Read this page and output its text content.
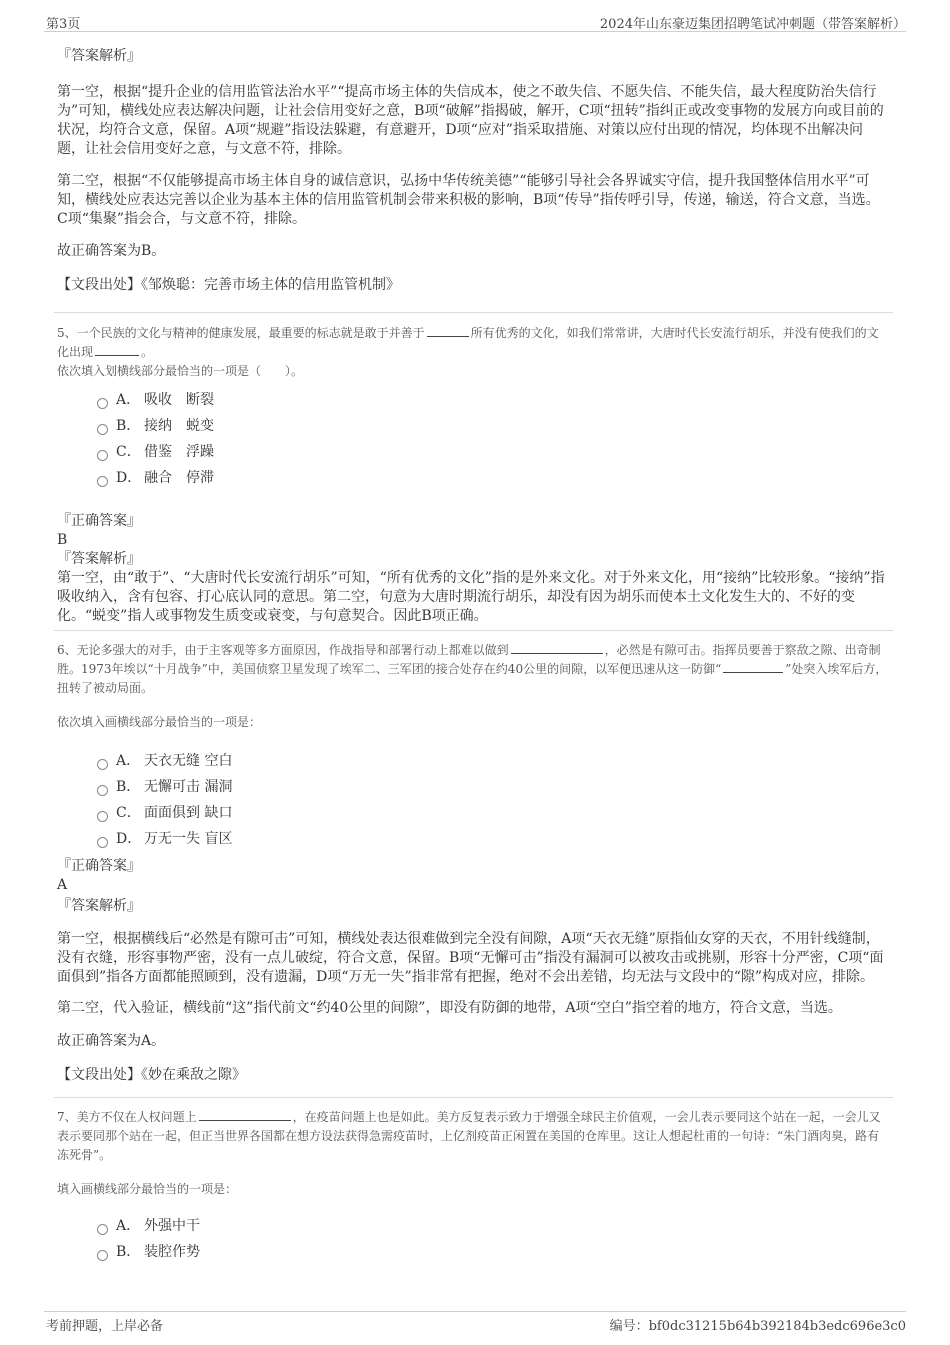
第3页	2024年山东豪迈集团招聘笔试冲刺题（带答案解析）

『答案解析』

第一空，根据“提升企业的信用监管法治水平”“提高市场主体的失信成本，使之不敢失信、不愿失信、不能失信，最大程度防治失信行为”可知，横线处应表达解决问题，让社会信用变好之意，B项“破解”指揭破，解开，C项“扭转”指纠正或改变事物的发展方向或目前的状况，均符合文意，保留。A项“规避”指设法躲避，有意避开，D项“应对”指采取措施、对策以应付出现的情况，均体现不出解决问题，让社会信用变好之意，与文意不符，排除。

第二空，根据“不仅能够提高市场主体自身的诚信意识，弘扬中华传统美德”“能够引导社会各界诚实守信，提升我国整体信用水平”可知，横线处应表达完善以企业为基本主体的信用监管机制会带来积极的影响，B项“传导”指传呼引导，传递，输送，符合文意，当选。C项“集聚”指会合，与文意不符，排除。

故正确答案为B。

【文段出处】《邹焕聪：完善市场主体的信用监管机制》

5、一个民族的文化与精神的健康发展，最重要的标志就是敢于并善于	所有优秀的文化，如我们常常讲，大唐时代长安流行胡乐，并没有使我们的文化出现	。

依次填入划横线部分最恰当的一项是（　　）。

A． 吸收　断裂
B． 接纳　蜕变
C． 借鉴　浮躁
D． 融合　停滞

『正确答案』

B

『答案解析』

第一空，由“敢于”、“大唐时代长安流行胡乐”可知，“所有优秀的文化”指的是外来文化。对于外来文化，用“接纳”比较形象。“接纳”指吸收纳入，含有包容、打心底认同的意思。第二空，句意为大唐时期流行胡乐，却没有因为胡乐而使本土文化发生大的、不好的变化。“蜕变”指人或事物发生质变或衰变，与句意契合。因此B项正确。

6、无论多强大的对手，由于主客观等多方面原因，作战指导和部署行动上都难以做到	，必然是有隙可击。指挥员要善于察敌之隙、出奇制胜。1973年埃以“十月战争”中，美国侦察卫星发现了埃军二、三军团的接合处存在约40公里的间隙，以军便迅速从这一防御“	”处突入埃军后方，扭转了被动局面。

依次填入画横线部分最恰当的一项是：

A． 天衣无缝 空白
B． 无懈可击 漏洞
C． 面面俱到 缺口
D． 万无一失 盲区

『正确答案』

A

『答案解析』

第一空，根据横线后“必然是有隙可击”可知，横线处表达很难做到完全没有间隙，A项“天衣无缝”原指仙女穿的天衣，不用针线缝制，没有衣缝，形容事物严密，没有一点儿破绽，符合文意，保留。B项“无懈可击”指没有漏洞可以被攻击或挑剔，形容十分严密，C项“面面俱到”指各方面都能照顾到，没有遗漏，D项“万无一失”指非常有把握，绝对不会出差错，均无法与文段中的“隙”构成对应，排除。

第二空，代入验证，横线前“这”指代前文“约40公里的间隙”，即没有防御的地带，A项“空白”指空着的地方，符合文意，当选。

故正确答案为A。

【文段出处】《妙在乘敌之隙》

7、美方不仅在人权问题上	，在疫苗问题上也是如此。美方反复表示致力于增强全球民主价值观，一会儿表示要同这个站在一起，一会儿又表示要同那个站在一起，但正当世界各国都在想方设法获得急需疫苗时，上亿剂疫苗正闲置在美国的仓库里。这让人想起杜甫的一句诗：“朱门酒肉臭，路有冻死骨”。

填入画横线部分最恰当的一项是：

A． 外强中干
B． 装腔作势
考前押题，上岸必备	编号：bf0dc31215b64b392184b3edc696e3c0
